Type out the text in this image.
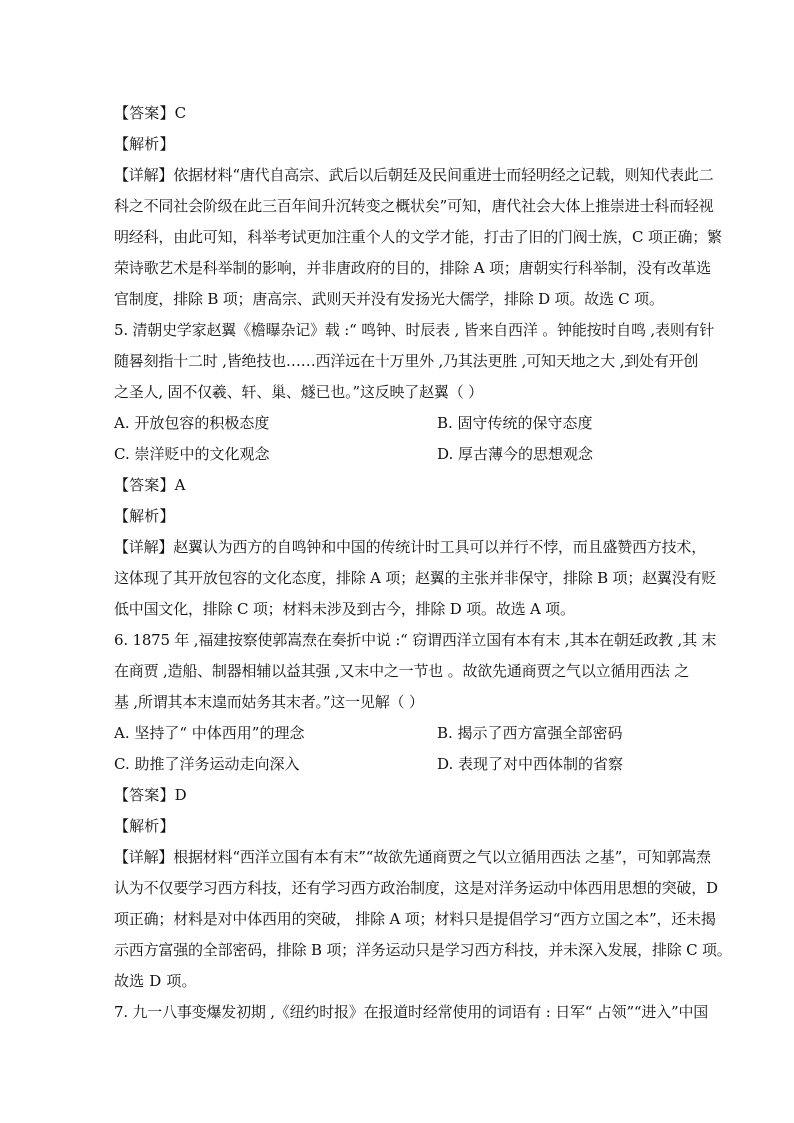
【答案】C
【解析】
【详解】依据材料“唐代自高宗、武后以后朝廷及民间重进士而轻明经之记载，则知代表此二
科之不同社会阶级在此三百年间升沉转变之概状矣”可知，唐代社会大体上推崇进士科而轻视
明经科，由此可知，科举考试更加注重个人的文学才能，打击了旧的门阀士族，C 项正确；繁
荣诗歌艺术是科举制的影响，并非唐政府的目的，排除 A 项；唐朝实行科举制，没有改革选
官制度，排除 B 项；唐高宗、武则天并没有发扬光大儒学，排除 D 项。故选 C 项。
5. 清朝史学家赵翼《檐曝杂记》载 :“ 鸣钟、时辰表 , 皆来自西洋 。钟能按时自鸣 ,表则有针
随晷刻指十二时 ,皆绝技也……西洋远在十万里外 ,乃其法更胜 ,可知天地之大 ,到处有开创
之圣人, 固不仅羲、轩、巢、燧已也。”这反映了赵翼（ ）
A. 开放包容的积极态度	B. 固守传统的保守态度
C. 崇洋贬中的文化观念	D. 厚古薄今的思想观念
【答案】A
【解析】
【详解】赵翼认为西方的自鸣钟和中国的传统计时工具可以并行不悖，而且盛赞西方技术，
这体现了其开放包容的文化态度，排除 A 项；赵翼的主张并非保守，排除 B 项；赵翼没有贬
低中国文化，排除 C 项；材料未涉及到古今，排除 D 项。故选 A 项。
6. 1875 年 ,福建按察使郭嵩焘在奏折中说 :“ 窃谓西洋立国有本有末 ,其本在朝廷政教 ,其 末
在商贾 ,造船、制器相辅以益其强 ,又末中之一节也 。故欲先通商贾之气以立循用西法 之
基 ,所谓其本末遑而姑务其末者。”这一见解（ ）
A. 坚持了“ 中体西用”的理念	B. 揭示了西方富强全部密码
C. 助推了洋务运动走向深入	D. 表现了对中西体制的省察
【答案】D
【解析】
【详解】根据材料“西洋立国有本有末”“故欲先通商贾之气以立循用西法 之基”，可知郭嵩焘
认为不仅要学习西方科技，还有学习西方政治制度，这是对洋务运动中体西用思想的突破，D
项正确；材料是对中体西用的突破， 排除 A 项；材料只是提倡学习“西方立国之本”，还未揭
示西方富强的全部密码，排除 B 项；洋务运动只是学习西方科技，并未深入发展，排除 C 项。
故选 D 项。
7. 九一八事变爆发初期 ,《纽约时报》在报道时经常使用的词语有 : 日军“ 占领”“进入”中国
